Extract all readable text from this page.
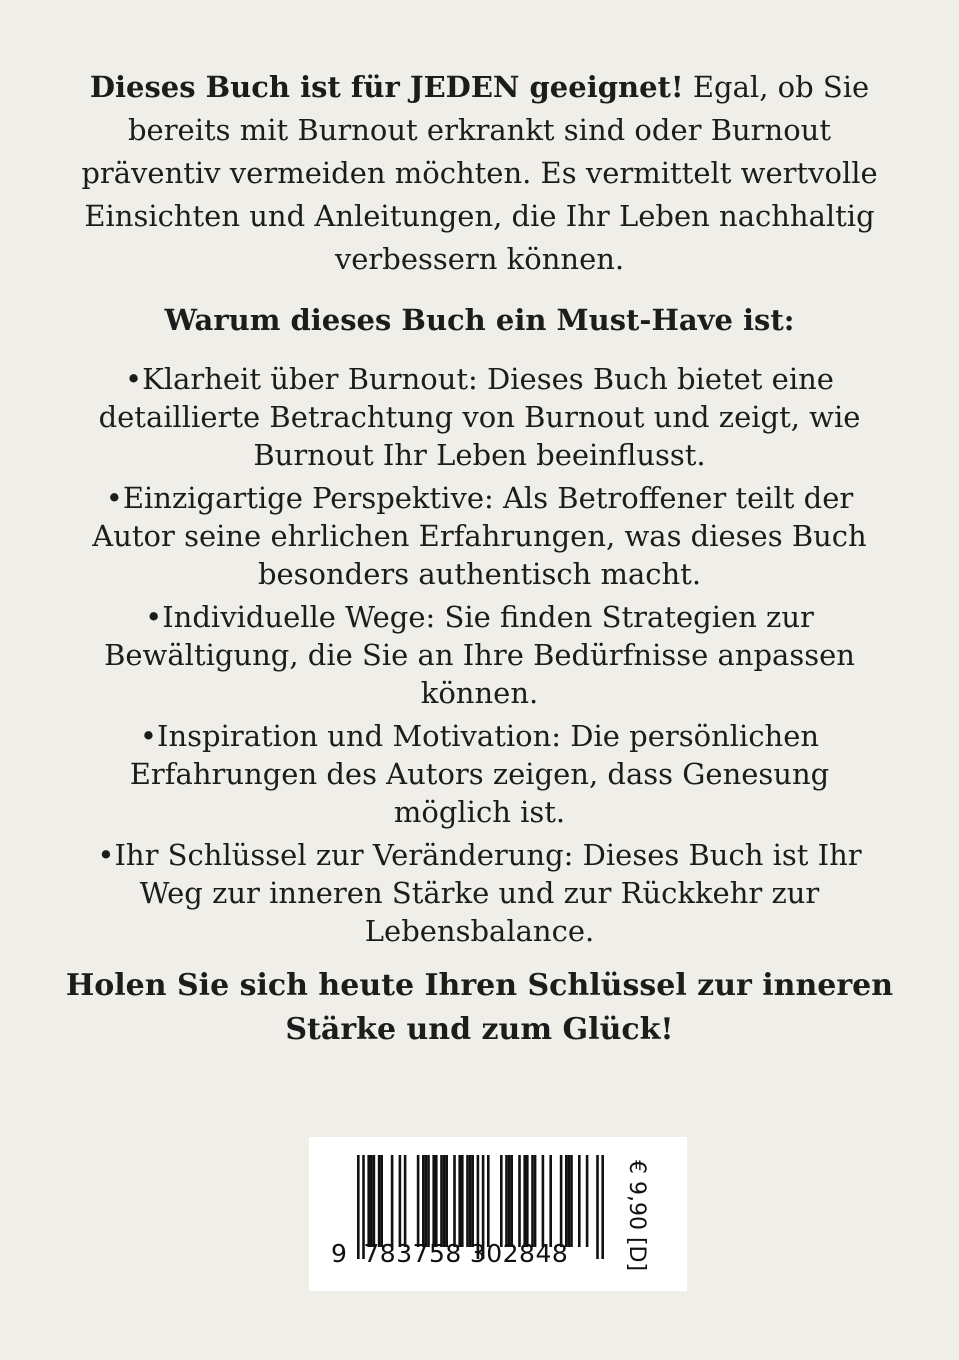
Dieses Buch ist für JEDEN geeignet! Egal, ob Sie bereits mit Burnout erkrankt sind oder Burnout präventiv vermeiden möchten. Es vermittelt wertvolle Einsichten und Anleitungen, die Ihr Leben nachhaltig verbessern können.
Warum dieses Buch ein Must-Have ist:
•Klarheit über Burnout: Dieses Buch bietet eine detaillierte Betrachtung von Burnout und zeigt, wie Burnout Ihr Leben beeinflusst.
•Einzigartige Perspektive: Als Betroffener teilt der Autor seine ehrlichen Erfahrungen, was dieses Buch besonders authentisch macht.
•Individuelle Wege: Sie finden Strategien zur Bewältigung, die Sie an Ihre Bedürfnisse anpassen können.
•Inspiration und Motivation: Die persönlichen Erfahrungen des Autors zeigen, dass Genesung möglich ist.
•Ihr Schlüssel zur Veränderung: Dieses Buch ist Ihr Weg zur inneren Stärke und zur Rückkehr zur Lebensbalance.
Holen Sie sich heute Ihren Schlüssel zur inneren Stärke und zum Glück!
9 783758 302848	€ 9,90 [D]
